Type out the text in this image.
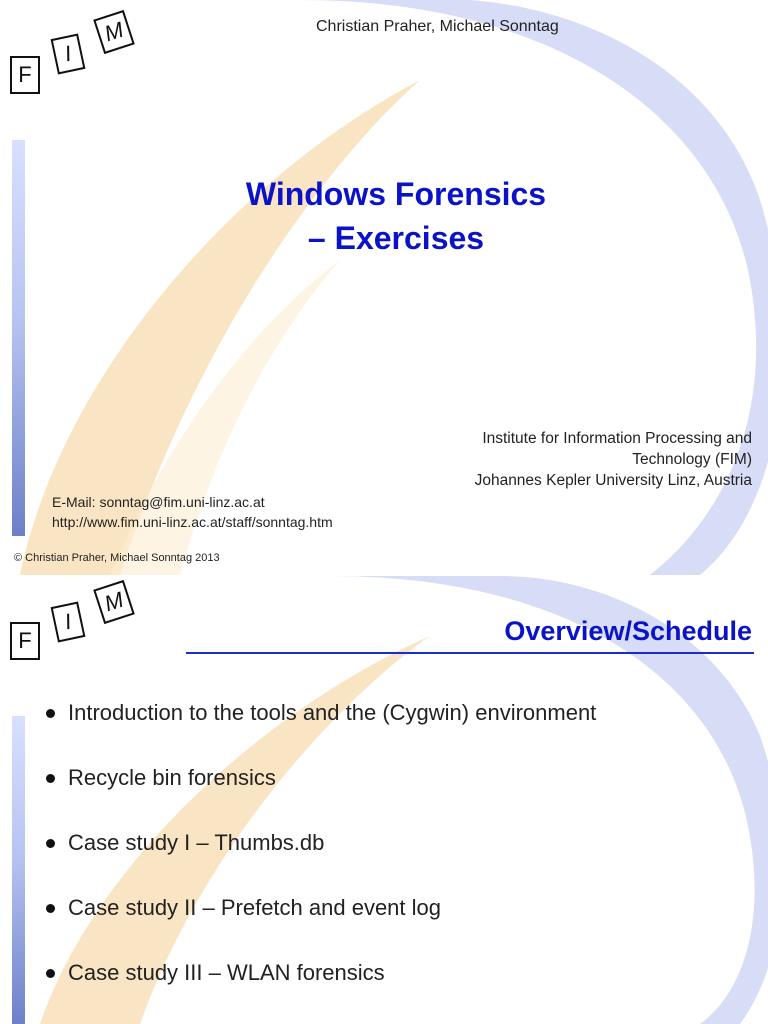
F
I
M	Christian Praher, Michael Sonntag
Windows Forensics
– Exercises
Institute for Information Processing and
Technology (FIM)
Johannes Kepler University Linz, Austria
E-Mail: sonntag@fim.uni-linz.ac.at
http://www.fim.uni-linz.ac.at/staff/sonntag.htm
© Christian Praher, Michael Sonntag 2013
F
I
M
Overview/Schedule
Introduction to the tools and the (Cygwin) environment
Recycle bin forensics
Case study I – Thumbs.db
Case study II – Prefetch and event log
Case study III – WLAN forensics
